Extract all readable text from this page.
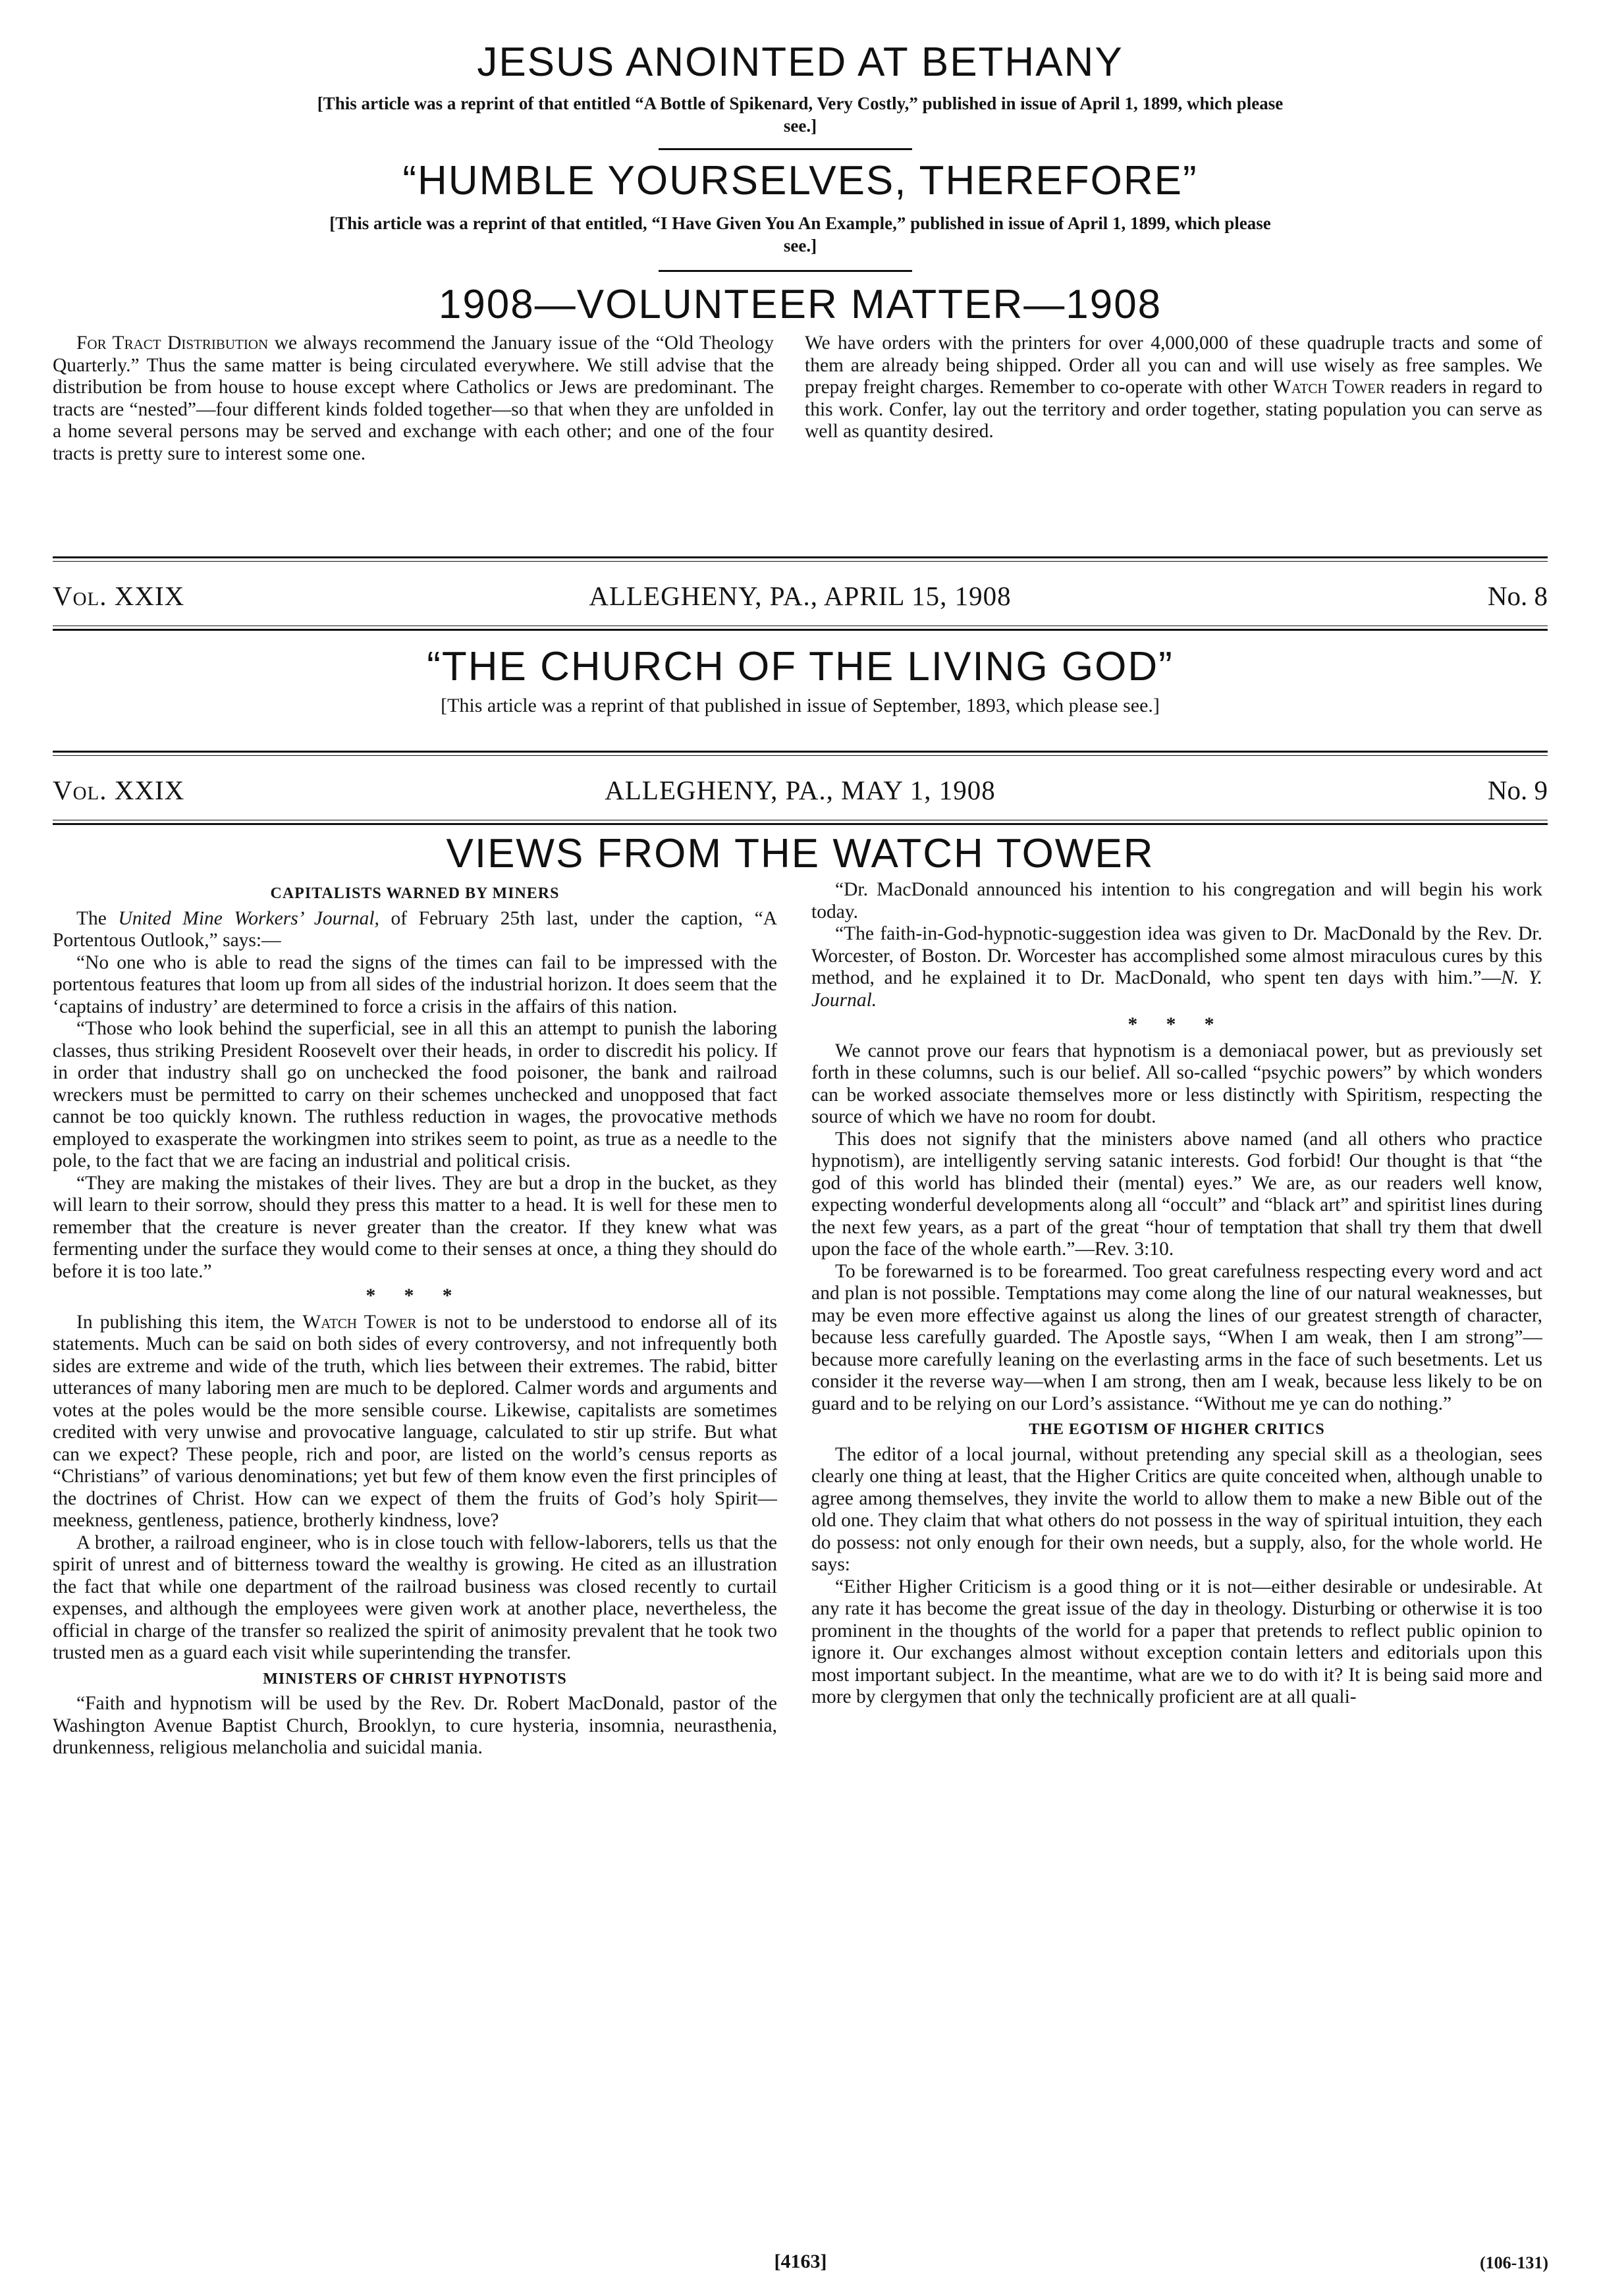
JESUS ANOINTED AT BETHANY
[This article was a reprint of that entitled “A Bottle of Spikenard, Very Costly,” published in issue of April 1, 1899, which please
see.]
“HUMBLE YOURSELVES, THEREFORE”
[This article was a reprint of that entitled, “I Have Given You An Example,” published in issue of April 1, 1899, which please
see.]
1908—VOLUNTEER MATTER—1908

For Tract Distribution we always recommend the January issue of the “Old Theology Quarterly.” Thus the same matter is being circulated everywhere. We still advise that the distribution be from house to house except where Catholics or Jews are predominant. The tracts are “nested”—four different kinds folded together—so that when they are unfolded in a home several persons may be served and exchange with each other; and one of the four tracts is pretty sure to interest some one.

We have orders with the printers for over 4,000,000 of these quadruple tracts and some of them are already being shipped. Order all you can and will use wisely as free samples. We prepay freight charges. Remember to co-operate with other Watch Tower readers in regard to this work. Confer, lay out the territory and order together, stating population you can serve as well as quantity desired.

Vol. XXIX	ALLEGHENY, PA., APRIL 15, 1908	No. 8
“THE CHURCH OF THE LIVING GOD”
[This article was a reprint of that published in issue of September, 1893, which please see.]
Vol. XXIX	ALLEGHENY, PA., MAY 1, 1908	No. 9
VIEWS FROM THE WATCH TOWER
CAPITALISTS WARNED BY MINERS

The United Mine Workers’ Journal, of February 25th last, under the caption, “A Portentous Outlook,” says:—

“No one who is able to read the signs of the times can fail to be impressed with the portentous features that loom up from all sides of the industrial horizon. It does seem that the ‘captains of industry’ are determined to force a crisis in the affairs of this nation.

“Those who look behind the superficial, see in all this an attempt to punish the laboring classes, thus striking President Roosevelt over their heads, in order to discredit his policy. If in order that industry shall go on unchecked the food poisoner, the bank and railroad wreckers must be permitted to carry on their schemes unchecked and unopposed that fact cannot be too quickly known. The ruthless reduction in wages, the provocative methods employed to exasperate the workingmen into strikes seem to point, as true as a needle to the pole, to the fact that we are facing an industrial and political crisis.

“They are making the mistakes of their lives. They are but a drop in the bucket, as they will learn to their sorrow, should they press this matter to a head. It is well for these men to remember that the creature is never greater than the creator. If they knew what was fermenting under the surface they would come to their senses at once, a thing they should do before it is too late.”

* * *

In publishing this item, the Watch Tower is not to be understood to endorse all of its statements. Much can be said on both sides of every controversy, and not infrequently both sides are extreme and wide of the truth, which lies between their extremes. The rabid, bitter utterances of many laboring men are much to be deplored. Calmer words and arguments and votes at the poles would be the more sensible course. Likewise, capitalists are sometimes credited with very unwise and provocative language, calculated to stir up strife. But what can we expect? These people, rich and poor, are listed on the world’s census reports as “Christians” of various denominations; yet but few of them know even the first principles of the doctrines of Christ. How can we expect of them the fruits of God’s holy Spirit—meekness, gentleness, patience, brotherly kindness, love?

A brother, a railroad engineer, who is in close touch with fellow-laborers, tells us that the spirit of unrest and of bitterness toward the wealthy is growing. He cited as an illustration the fact that while one department of the railroad business was closed recently to curtail expenses, and although the employees were given work at another place, nevertheless, the official in charge of the transfer so realized the spirit of animosity prevalent that he took two trusted men as a guard each visit while superintending the transfer.

MINISTERS OF CHRIST HYPNOTISTS

“Faith and hypnotism will be used by the Rev. Dr. Robert MacDonald, pastor of the Washington Avenue Baptist Church, Brooklyn, to cure hysteria, insomnia, neurasthenia, drunkenness, religious melancholia and suicidal mania.

“Dr. MacDonald announced his intention to his congregation and will begin his work today.

“The faith-in-God-hypnotic-suggestion idea was given to Dr. MacDonald by the Rev. Dr. Worcester, of Boston. Dr. Worcester has accomplished some almost miraculous cures by this method, and he explained it to Dr. MacDonald, who spent ten days with him.”—N. Y. Journal.

* * *

We cannot prove our fears that hypnotism is a demoniacal power, but as previously set forth in these columns, such is our belief. All so-called “psychic powers” by which wonders can be worked associate themselves more or less distinctly with Spiritism, respecting the source of which we have no room for doubt.

This does not signify that the ministers above named (and all others who practice hypnotism), are intelligently serving satanic interests. God forbid! Our thought is that “the god of this world has blinded their (mental) eyes.” We are, as our readers well know, expecting wonderful developments along all “occult” and “black art” and spiritist lines during the next few years, as a part of the great “hour of temptation that shall try them that dwell upon the face of the whole earth.”—Rev. 3:10.

To be forewarned is to be forearmed. Too great carefulness respecting every word and act and plan is not possible. Temptations may come along the line of our natural weaknesses, but may be even more effective against us along the lines of our greatest strength of character, because less carefully guarded. The Apostle says, “When I am weak, then I am strong”—because more carefully leaning on the everlasting arms in the face of such besetments. Let us consider it the reverse way—when I am strong, then am I weak, because less likely to be on guard and to be relying on our Lord’s assistance. “Without me ye can do nothing.”

THE EGOTISM OF HIGHER CRITICS

The editor of a local journal, without pretending any special skill as a theologian, sees clearly one thing at least, that the Higher Critics are quite conceited when, although unable to agree among themselves, they invite the world to allow them to make a new Bible out of the old one. They claim that what others do not possess in the way of spiritual intuition, they each do possess: not only enough for their own needs, but a supply, also, for the whole world. He says:

“Either Higher Criticism is a good thing or it is not—either desirable or undesirable. At any rate it has become the great issue of the day in theology. Disturbing or otherwise it is too prominent in the thoughts of the world for a paper that pretends to reflect public opinion to ignore it. Our exchanges almost without exception contain letters and editorials upon this most important subject. In the meantime, what are we to do with it? It is being said more and more by clergymen that only the technically proficient are at all quali-

[4163]	(106-131)
